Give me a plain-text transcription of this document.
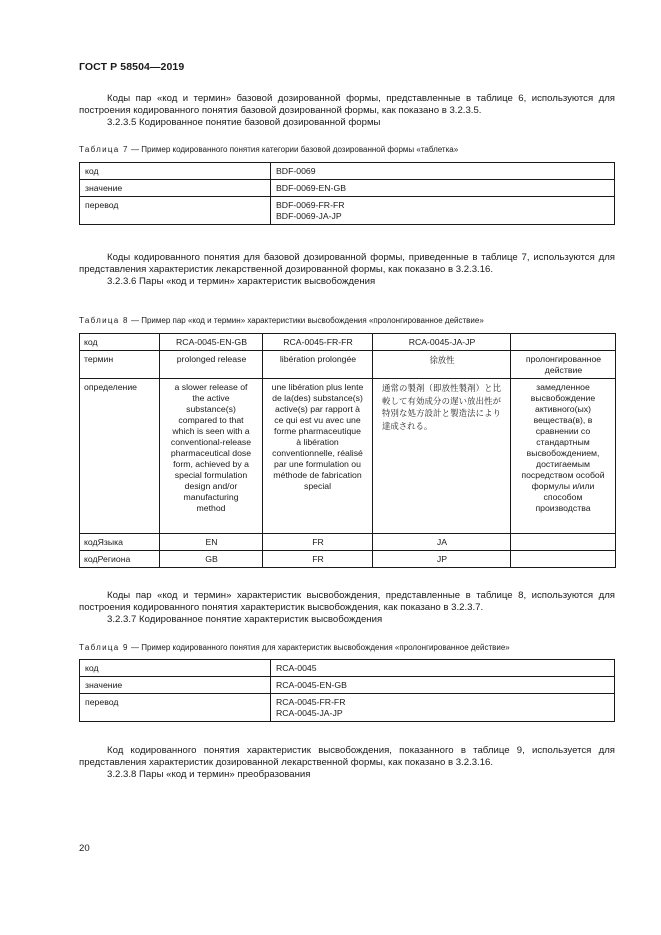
ГОСТ Р 58504—2019

Коды пар «код и термин» базовой дозированной формы, представленные в таблице 6, используются для построения кодированного понятия базовой дозированной формы, как показано в 3.2.3.5.

3.2.3.5 Кодированное понятие базовой дозированной формы

Таблица 7 — Пример кодированного понятия категории базовой дозированной формы «таблетка»
код	BDF-0069

значение	BDF-0069-EN-GB

перевод	BDF-0069-FR-FR
BDF-0069-JA-JP

Коды кодированного понятия для базовой дозированной формы, приведенные в таблице 7, используются для представления характеристик лекарственной дозированной формы, как показано в 3.2.3.16.

3.2.3.6 Пары «код и термин» характеристик высвобождения

Таблица 8 — Пример пар «код и термин» характеристики высвобождения «пролонгированное действие»
код	RCA-0045-EN-GB	RCA-0045-FR-FR	RCA-0045-JA-JP	
термин	prolonged release	libération prolongée	徐放性	пролонгированное действие
определение	a slower release of the active substance(s) compared to that which is seen with a conventional-release pharmaceutical dose form, achieved by a special formulation design and/or manufacturing method	une libération plus lente de la(des) substance(s) active(s) par rapport à ce qui est vu avec une forme pharmaceutique à libération conventionnelle, réalisé par une formulation ou méthode de fabrication special	通常の製剤（即放性製剤）と比較して有効成分の遅い放出性が特別な処方設計と製造法により達成される。	замедленное высвобождение активного(ых) вещества(в), в сравнении со стандартным высвобождением, достигаемым посредством особой формулы и/или способом производства
кодЯзыка	EN	FR	JA	
кодРегиона	GB	FR	JP	

Коды пар «код и термин» характеристик высвобождения, представленные в таблице 8, используются для построения кодированного понятия характеристик высвобождения, как показано в 3.2.3.7.

3.2.3.7 Кодированное понятие характеристик высвобождения

Таблица 9 — Пример кодированного понятия для характеристик высвобождения «пролонгированное действие»
код	RCA-0045

значение	RCA-0045-EN-GB

перевод	RCA-0045-FR-FR
RCA-0045-JA-JP

Код кодированного понятия характеристик высвобождения, показанного в таблице 9, используется для представления характеристик дозированной лекарственной формы, как показано в 3.2.3.16.

3.2.3.8 Пары «код и термин» преобразования

20
